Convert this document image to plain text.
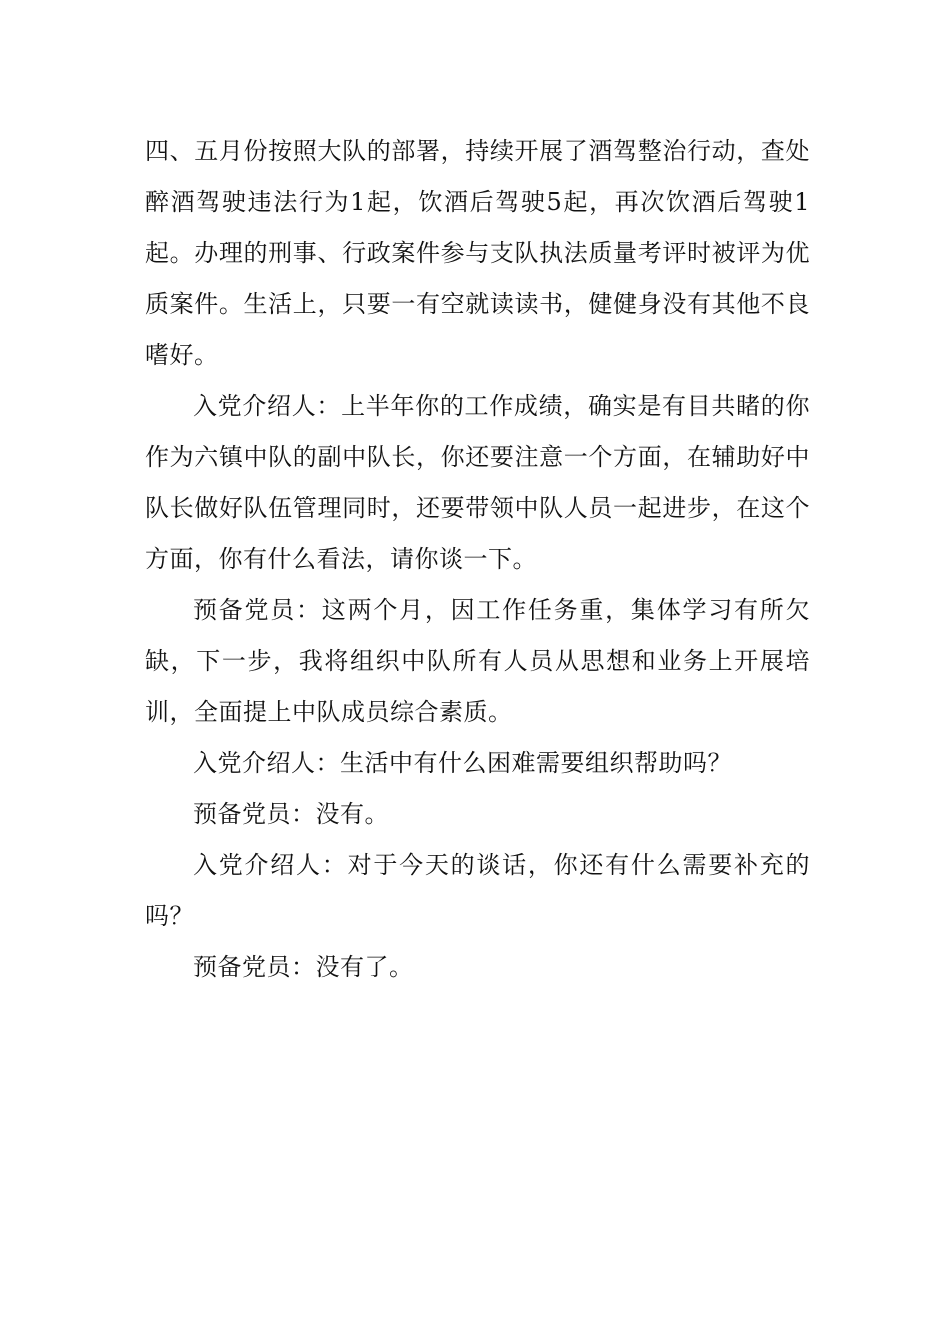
四、五月份按照大队的部署，持续开展了酒驾整治行动，查处醉酒驾驶违法行为1起，饮酒后驾驶5起，再次饮酒后驾驶1起。办理的刑事、行政案件参与支队执法质量考评时被评为优质案件。生活上，只要一有空就读读书，健健身没有其他不良嗜好。

入党介绍人：上半年你的工作成绩，确实是有目共睹的你作为六镇中队的副中队长，你还要注意一个方面，在辅助好中队长做好队伍管理同时，还要带领中队人员一起进步，在这个方面，你有什么看法，请你谈一下。

预备党员：这两个月，因工作任务重，集体学习有所欠缺，下一步，我将组织中队所有人员从思想和业务上开展培训，全面提上中队成员综合素质。

入党介绍人：生活中有什么困难需要组织帮助吗？

预备党员：没有。

入党介绍人：对于今天的谈话，你还有什么需要补充的吗？

预备党员：没有了。
